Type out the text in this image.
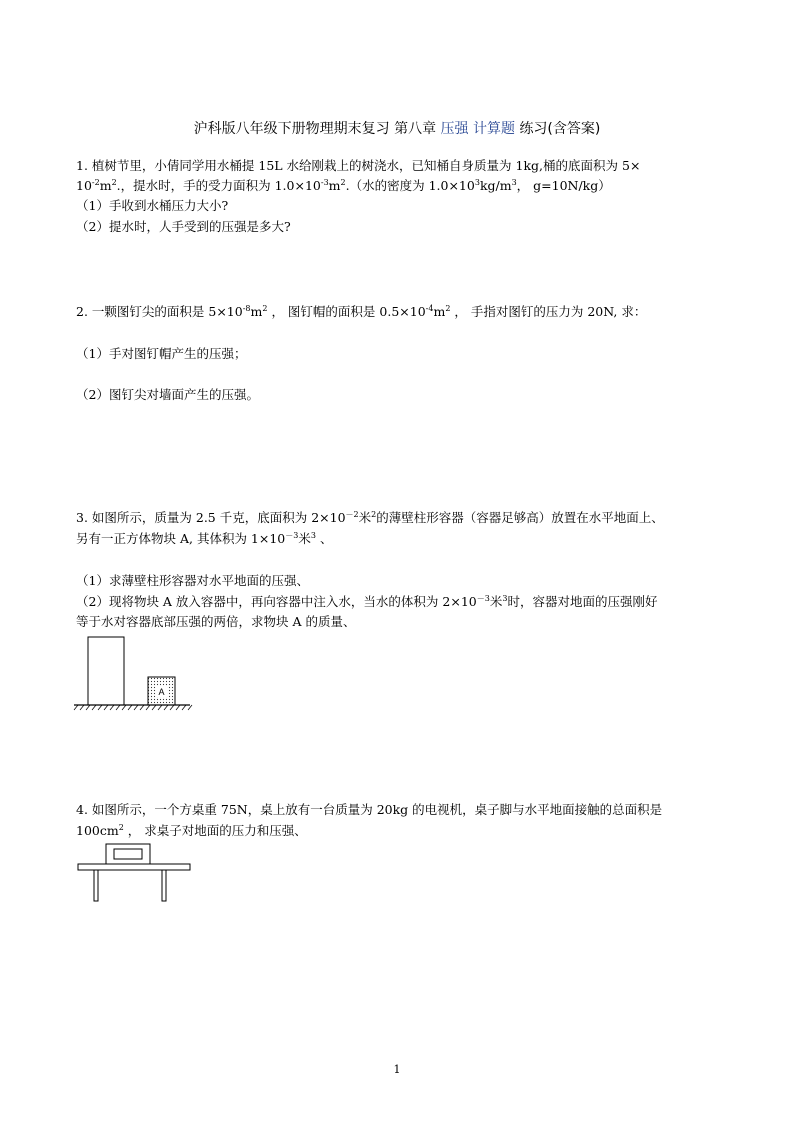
沪科版八年级下册物理期末复习 第八章 压强 计算题 练习(含答案)
1. 植树节里，小倩同学用水桶提 15L 水给刚栽上的树浇水，已知桶自身质量为 1kg,桶的底面积为 5×
$10^{-2}m^2$.，提水时，手的受力面积为 $1.0\times 10^{-3}m^2$.（水的密度为 $1.0\times 10^3kg/m^3$， g=10N/kg）
（1）手收到水桶压力大小?
（2）提水时，人手受到的压强是多大?
2. 一颗图钉尖的面积是 $5\times 10^{-8}m^2$ ， 图钉帽的面积是 $0.5\times 10^{-4}m^2$ ， 手指对图钉的压力为 20N, 求：
（1）手对图钉帽产生的压强；
（2）图钉尖对墙面产生的压强。
3. 如图所示，质量为 2.5 千克，底面积为 $2\times 10^{-2}$米$^2$的薄壁柱形容器（容器足够高）放置在水平地面上、
另有一正方体物块 A, 其体积为 $1\times 10^{-3}$米$^3$ 、
（1）求薄壁柱形容器对水平地面的压强、
（2）现将物块 A 放入容器中，再向容器中注入水，当水的体积为 $2\times 10^{-3}$米$^3$时，容器对地面的压强刚好
等于水对容器底部压强的两倍，求物块 A 的质量、
A
4. 如图所示，一个方桌重 75N，桌上放有一台质量为 20kg 的电视机，桌子脚与水平地面接触的总面积是
$100cm^2$ ， 求桌子对地面的压力和压强、
1
